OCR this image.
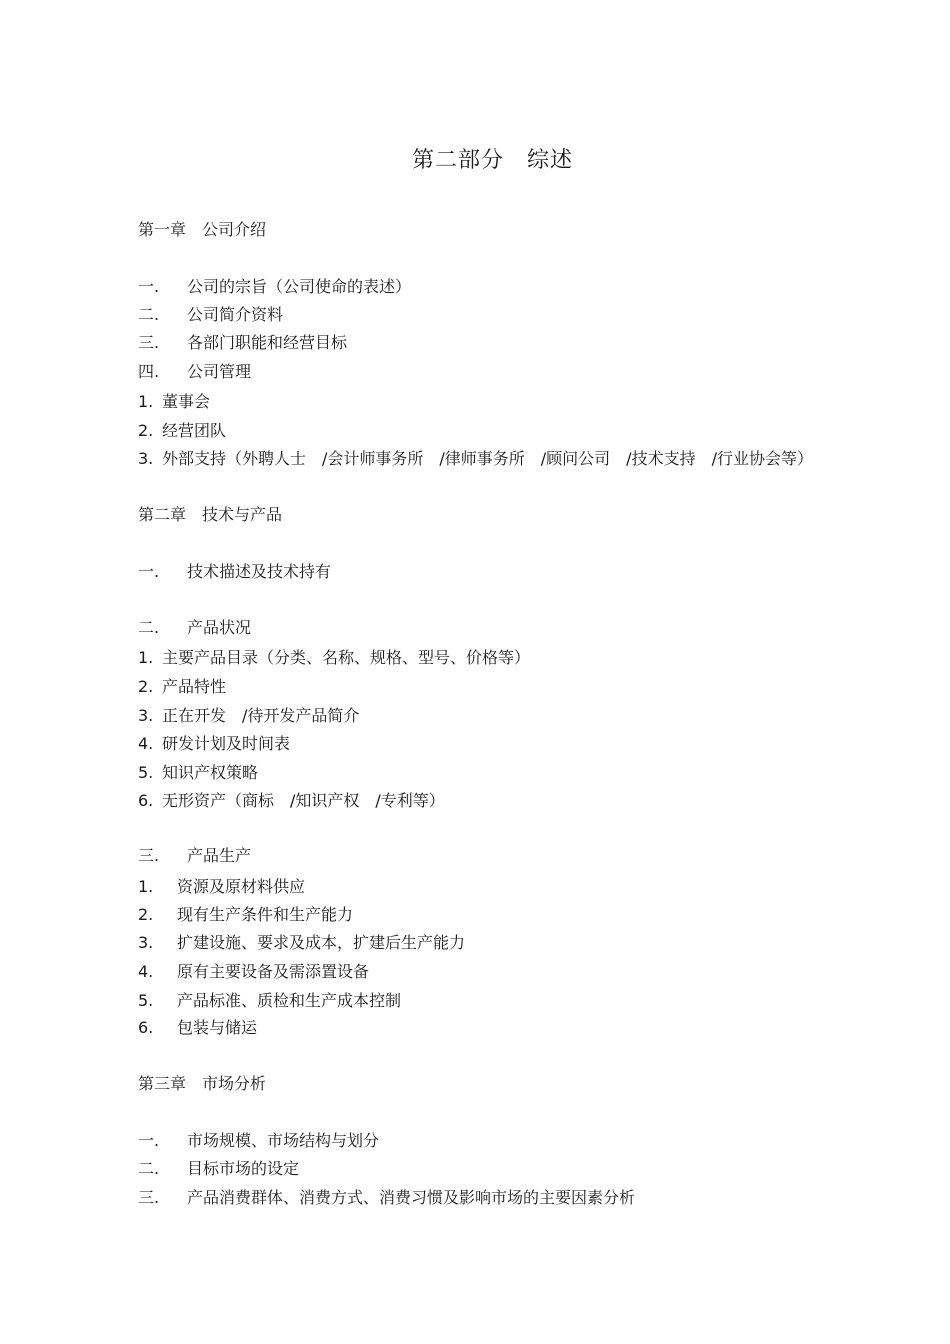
第二部分　综述
第一章　公司介绍
一. 公司的宗旨（公司使命的表述）
二. 公司简介资料
三. 各部门职能和经营目标
四. 公司管理
1. 董事会
2. 经营团队
3. 外部支持（外聘人士　/会计师事务所　/律师事务所　/顾问公司　/技术支持　/行业协会等）
第二章　技术与产品
一. 技术描述及技术持有
二. 产品状况
1. 主要产品目录（分类、名称、规格、型号、价格等）
2. 产品特性
3. 正在开发　/待开发产品简介
4. 研发计划及时间表
5. 知识产权策略
6. 无形资产（商标　/知识产权　/专利等）
三. 产品生产
1. 资源及原材料供应
2. 现有生产条件和生产能力
3. 扩建设施、要求及成本，扩建后生产能力
4. 原有主要设备及需添置设备
5. 产品标准、质检和生产成本控制
6. 包装与储运
第三章　市场分析
一. 市场规模、市场结构与划分
二. 目标市场的设定
三. 产品消费群体、消费方式、消费习惯及影响市场的主要因素分析
